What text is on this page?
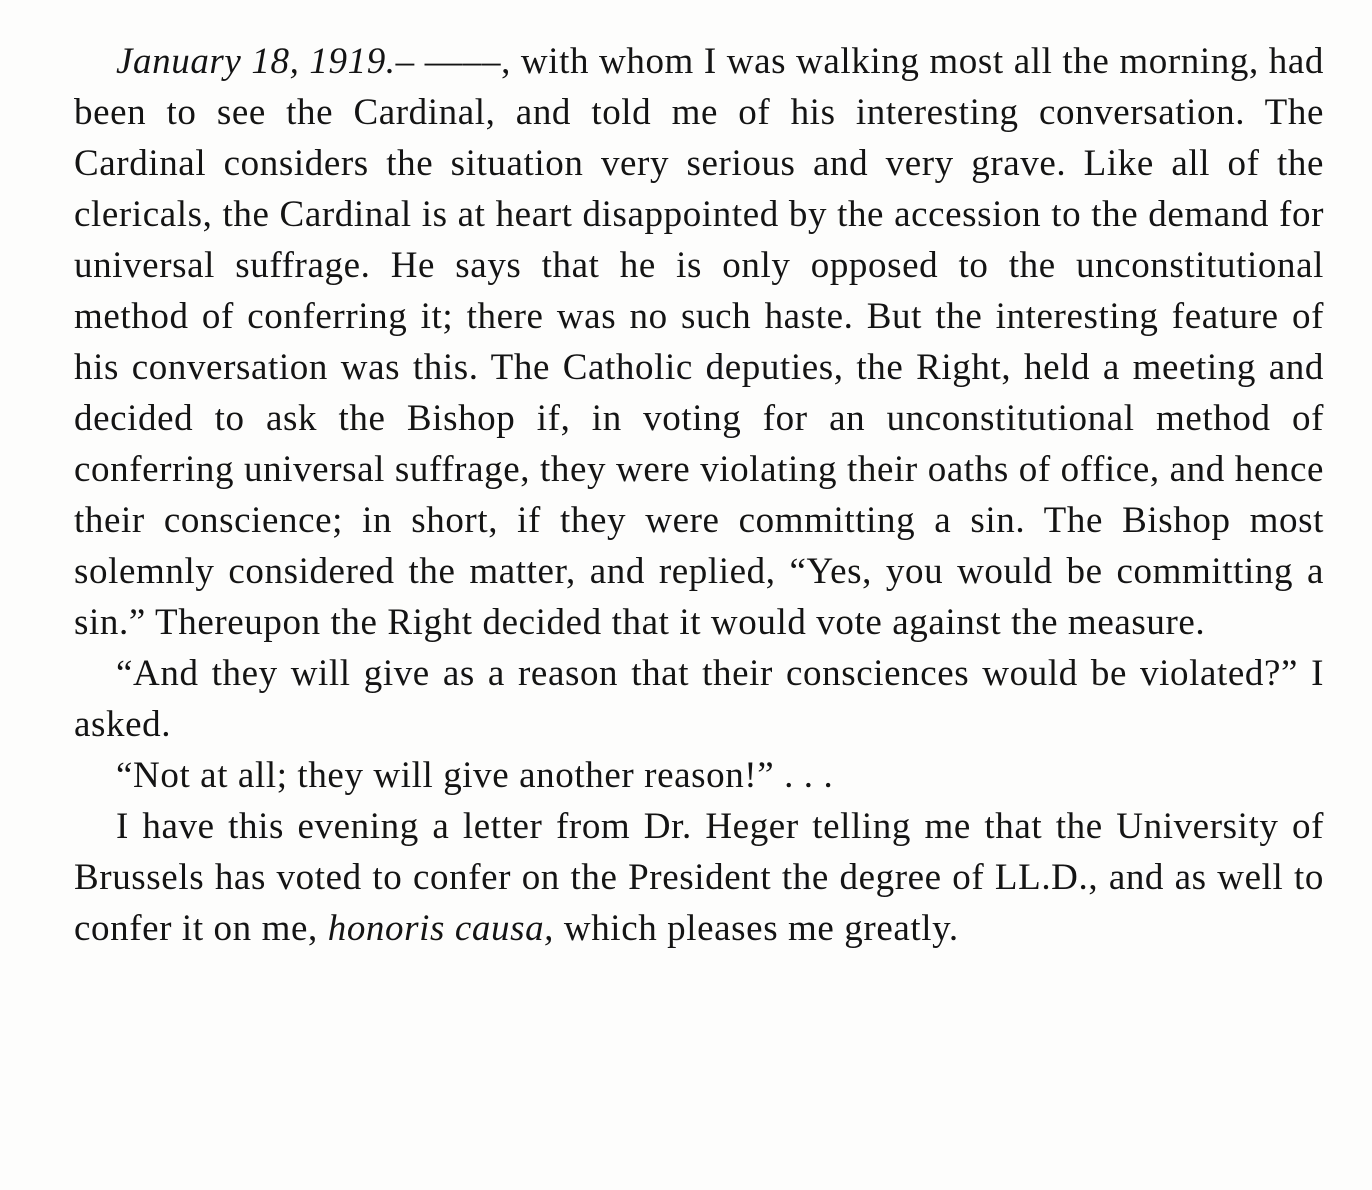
January 18, 1919.– ––––, with whom I was walking most all the morning, had been to see the Cardinal, and told me of his interesting conversation. The Cardinal considers the situation very serious and very grave. Like all of the clericals, the Cardinal is at heart disappointed by the accession to the demand for universal suffrage. He says that he is only opposed to the unconstitutional method of conferring it; there was no such haste. But the interesting feature of his conversation was this. The Catholic deputies, the Right, held a meeting and decided to ask the Bishop if, in voting for an unconstitutional method of conferring universal suffrage, they were violating their oaths of office, and hence their conscience; in short, if they were committing a sin. The Bishop most solemnly considered the matter, and replied, “Yes, you would be committing a sin.” Thereupon the Right decided that it would vote against the measure.

“And they will give as a reason that their consciences would be violated?” I asked.

“Not at all; they will give another reason!” . . .

I have this evening a letter from Dr. Heger telling me that the University of Brussels has voted to confer on the President the degree of LL.D., and as well to confer it on me, honoris causa, which pleases me greatly.
